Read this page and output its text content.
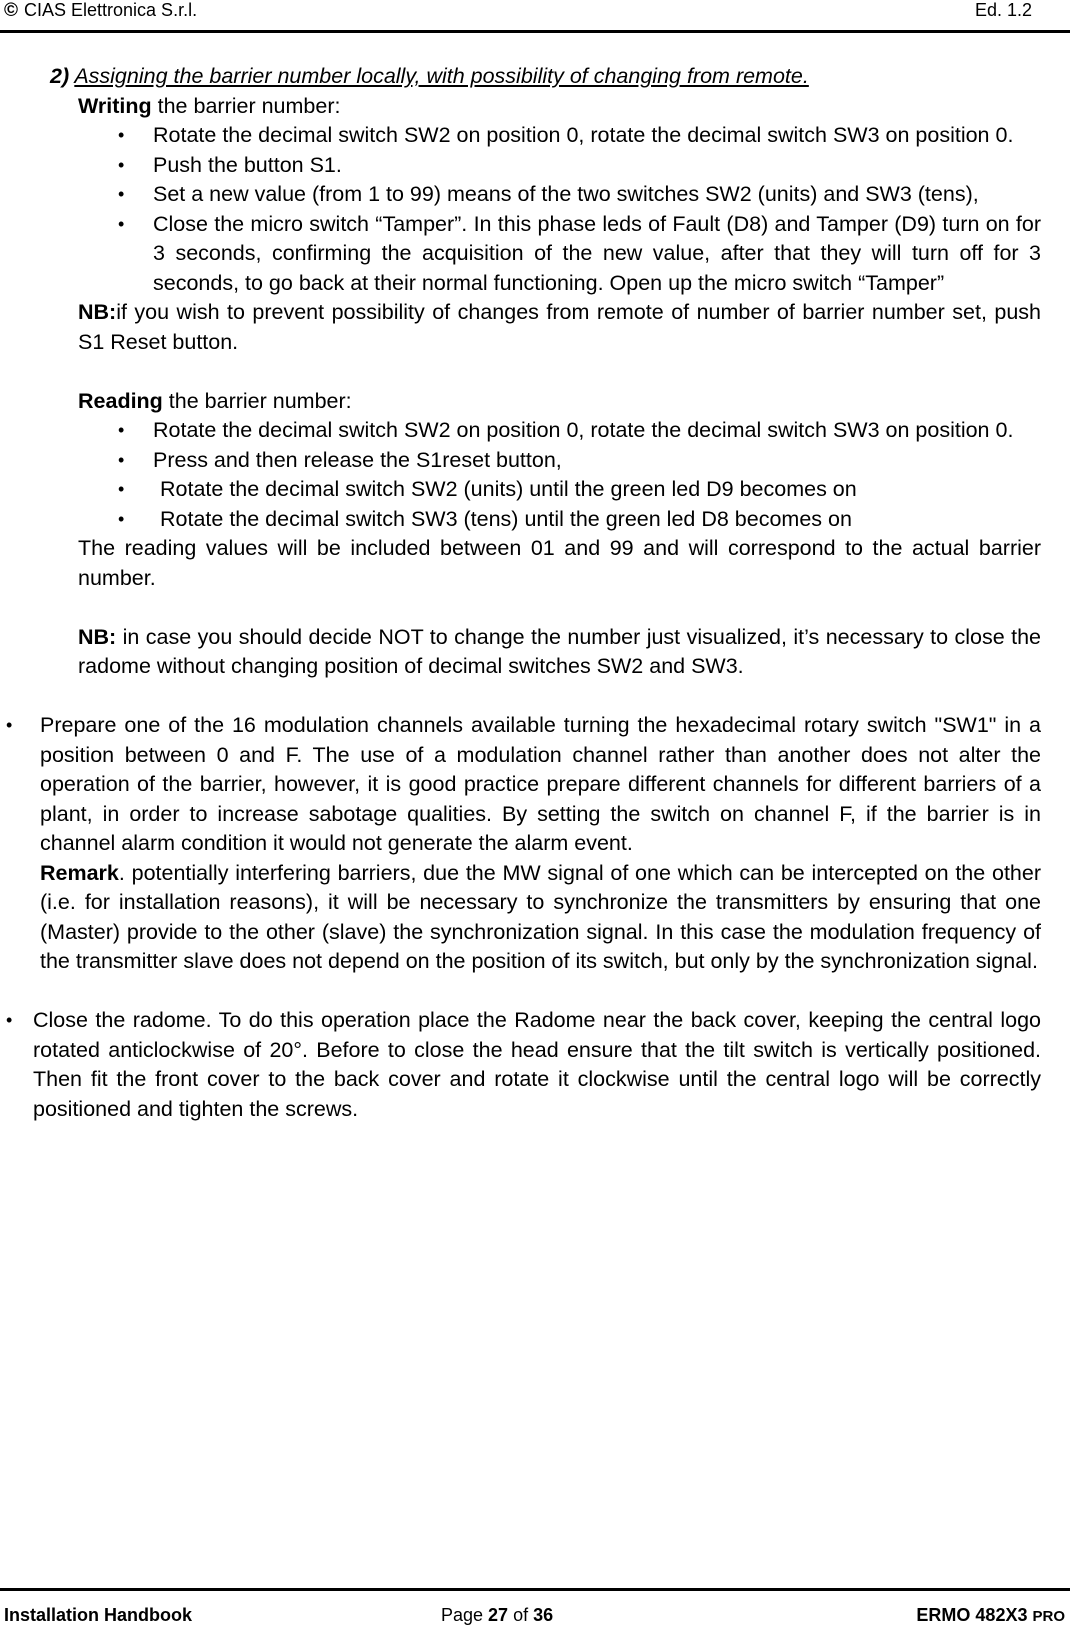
© CIAS Elettronica S.r.l.	Ed. 1.2
2) Assigning the barrier number locally, with possibility of changing from remote.
Writing the barrier number:
• Rotate the decimal switch SW2 on position 0, rotate the decimal switch SW3 on position 0.
• Push the button S1.
• Set a new value (from 1 to 99) means of the two switches SW2 (units) and SW3 (tens),
• Close the micro switch “Tamper”. In this phase leds of Fault (D8) and Tamper (D9) turn on for 3 seconds, confirming the acquisition of the new value, after that they will turn off for 3 seconds, to go back at their normal functioning. Open up the micro switch “Tamper”
NB:if you wish to prevent possibility of changes from remote of number of barrier number set, push S1 Reset button.
Reading the barrier number:
• Rotate the decimal switch SW2 on position 0, rotate the decimal switch SW3 on position 0.
• Press and then release the S1reset button,
• Rotate the decimal switch SW2 (units) until the green led D9 becomes on
• Rotate the decimal switch SW3 (tens) until the green led D8 becomes on
The reading values will be included between 01 and 99 and will correspond to the actual barrier number.
NB: in case you should decide NOT to change the number just visualized, it’s necessary to close the radome without changing position of decimal switches SW2 and SW3.
• Prepare one of the 16 modulation channels available turning the hexadecimal rotary switch "SW1" in a position between 0 and F. The use of a modulation channel rather than another does not alter the operation of the barrier, however, it is good practice prepare different channels for different barriers of a plant, in order to increase sabotage qualities. By setting the switch on channel F, if the barrier is in channel alarm condition it would not generate the alarm event.
Remark. potentially interfering barriers, due the MW signal of one which can be intercepted on the other (i.e. for installation reasons), it will be necessary to synchronize the transmitters by ensuring that one (Master) provide to the other (slave) the synchronization signal. In this case the modulation frequency of the transmitter slave does not depend on the position of its switch, but only by the synchronization signal.
• Close the radome. To do this operation place the Radome near the back cover, keeping the central logo rotated anticlockwise of 20°. Before to close the head ensure that the tilt switch is vertically positioned. Then fit the front cover to the back cover and rotate it clockwise until the central logo will be correctly positioned and tighten the screws.
Installation Handbook	Page 27 of 36	ERMO 482X3 PRO
